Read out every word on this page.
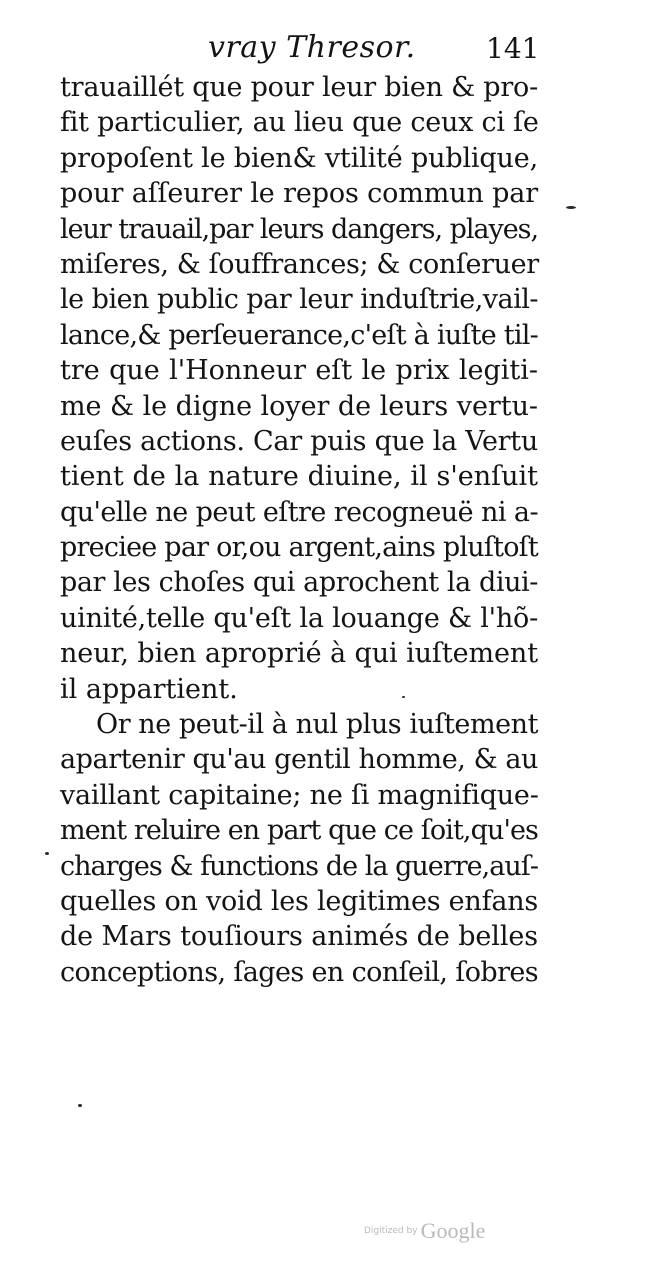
vray Thresor.	141
trauaillét que pour leur bien & pro-
fit particulier, au lieu que ceux ci ſe
propoſent le bien& vtilité publique,
pour aſſeurer le repos commun par
leur trauail,par leurs dangers, playes,
miſeres, & ſouffrances; & conſeruer
le bien public par leur induſtrie,vail-
lance,& perſeuerance,c'eſt à iuſte til-
tre que l'Honneur eſt le prix legiti-
me & le digne loyer de leurs vertu-
euſes actions. Car puis que la Vertu
tient de la nature diuine, il s'enſuit
qu'elle ne peut eſtre recogneuë ni a-
preciee par or,ou argent,ains pluſtoſt
par les choſes qui aprochent la diui-
uinité,telle qu'eſt la louange & l'hõ-
neur, bien aproprié à qui iuſtement
il appartient.
Or ne peut-il à nul plus iuſtement
apartenir qu'au gentil homme, & au
vaillant capitaine; ne ſi magnifique-
ment reluire en part que ce ſoit,qu'es
charges & functions de la guerre,auſ-
quelles on void les legitimes enfans
de Mars touſiours animés de belles
conceptions, ſages en conſeil, ſobres
Digitized by Google
